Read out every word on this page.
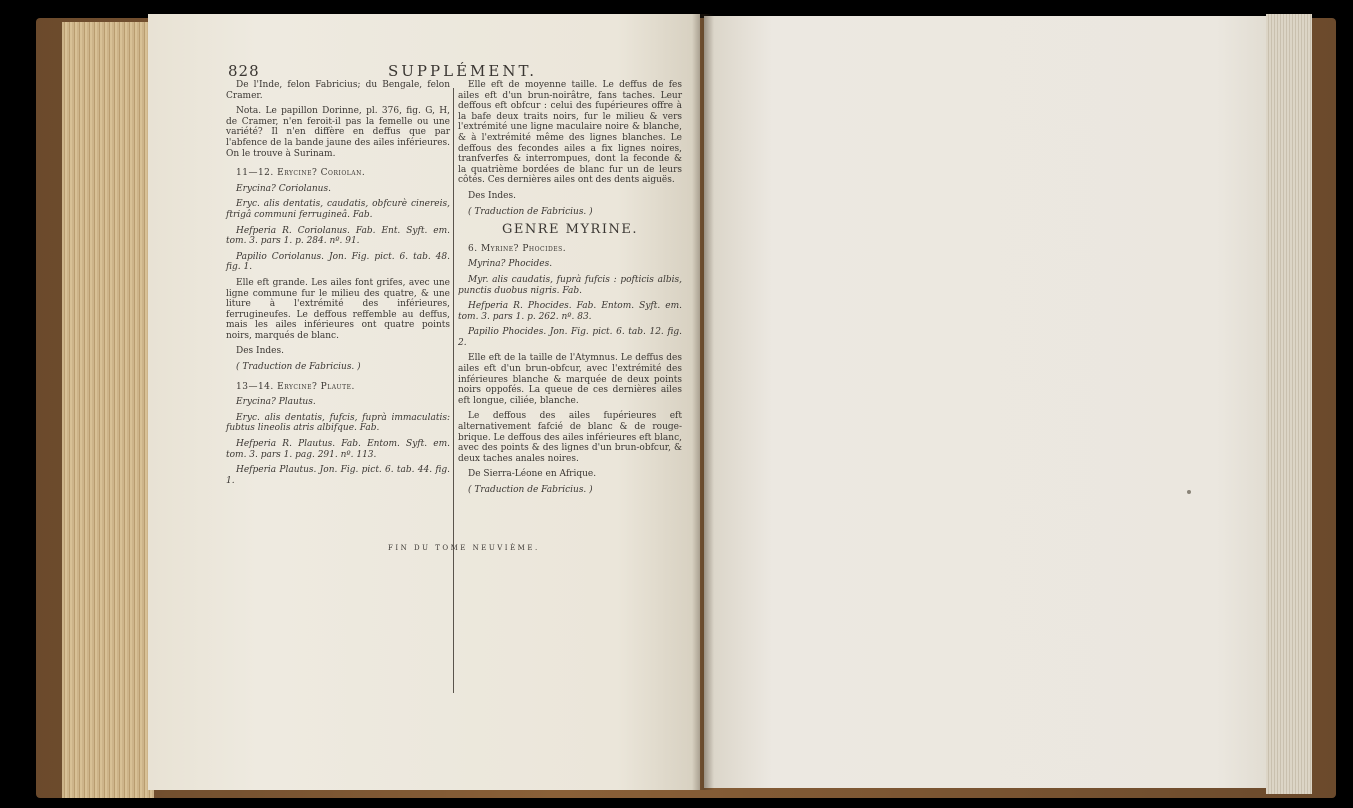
828	SUPPLÉMENT.

De l'Inde, felon Fabricius; du Bengale, felon Cramer.

Nota. Le papillon Dorinne, pl. 376, fig. G, H, de Cramer, n'en feroit-il pas la femelle ou une variété? Il n'en diffère en deffus que par l'abfence de la bande jaune des ailes inférieures. On le trouve à Surinam.

11—12. Erycine? Coriolan.

Erycina? Coriolanus.

Eryc. alis dentatis, caudatis, obfcurè cinereis, ftrigâ communi ferrugineâ. Fab.

Hefperia R. Coriolanus. Fab. Ent. Syft. em. tom. 3. pars 1. p. 284. nº. 91.

Papilio Coriolanus. Jon. Fig. pict. 6. tab. 48. fig. 1.

Elle eft grande. Les ailes font grifes, avec une ligne commune fur le milieu des quatre, & une liture à l'extrémité des inférieures, ferrugineufes. Le deffous reffemble au deffus, mais les ailes inférieures ont quatre points noirs, marqués de blanc.

Des Indes.

( Traduction de Fabricius. )

13—14. Erycine? Plaute.

Erycina? Plautus.

Eryc. alis dentatis, fufcis, fuprà immaculatis: fubtus lineolis atris albifque. Fab.

Hefperia R. Plautus. Fab. Entom. Syft. em. tom. 3. pars 1. pag. 291. nº. 113.

Hefperia Plautus. Jon. Fig. pict. 6. tab. 44. fig. 1.

Elle eft de moyenne taille. Le deffus de fes ailes eft d'un brun-noirâtre, fans taches. Leur deffous eft obfcur : celui des fupérieures offre à la bafe deux traits noirs, fur le milieu & vers l'extrémité une ligne maculaire noire & blanche, & à l'extrémité même des lignes blanches. Le deffous des fecondes ailes a fix lignes noires, tranfverfes & interrompues, dont la feconde & la quatrième bordées de blanc fur un de leurs côtés. Ces dernières ailes ont des dents aiguës.

Des Indes.

( Traduction de Fabricius. )

GENRE MYRINE.

6. Myrine? Phocides.

Myrina? Phocides.

Myr. alis caudatis, fuprà fufcis : pofticis albis, punctis duobus nigris. Fab.

Hefperia R. Phocides. Fab. Entom. Syft. em. tom. 3. pars 1. p. 262. nº. 83.

Papilio Phocides. Jon. Fig. pict. 6. tab. 12. fig. 2.

Elle eft de la taille de l'Atymnus. Le deffus des ailes eft d'un brun-obfcur, avec l'extrémité des inférieures blanche & marquée de deux points noirs oppofés. La queue de ces dernières ailes eft longue, ciliée, blanche.

Le deffous des ailes fupérieures eft alternativement fafcié de blanc & de rouge-brique. Le deffous des ailes inférieures eft blanc, avec des points & des lignes d'un brun-obfcur, & deux taches anales noires.

De Sierra-Léone en Afrique.

( Traduction de Fabricius. )

FIN DU TOME NEUVIÈME.
